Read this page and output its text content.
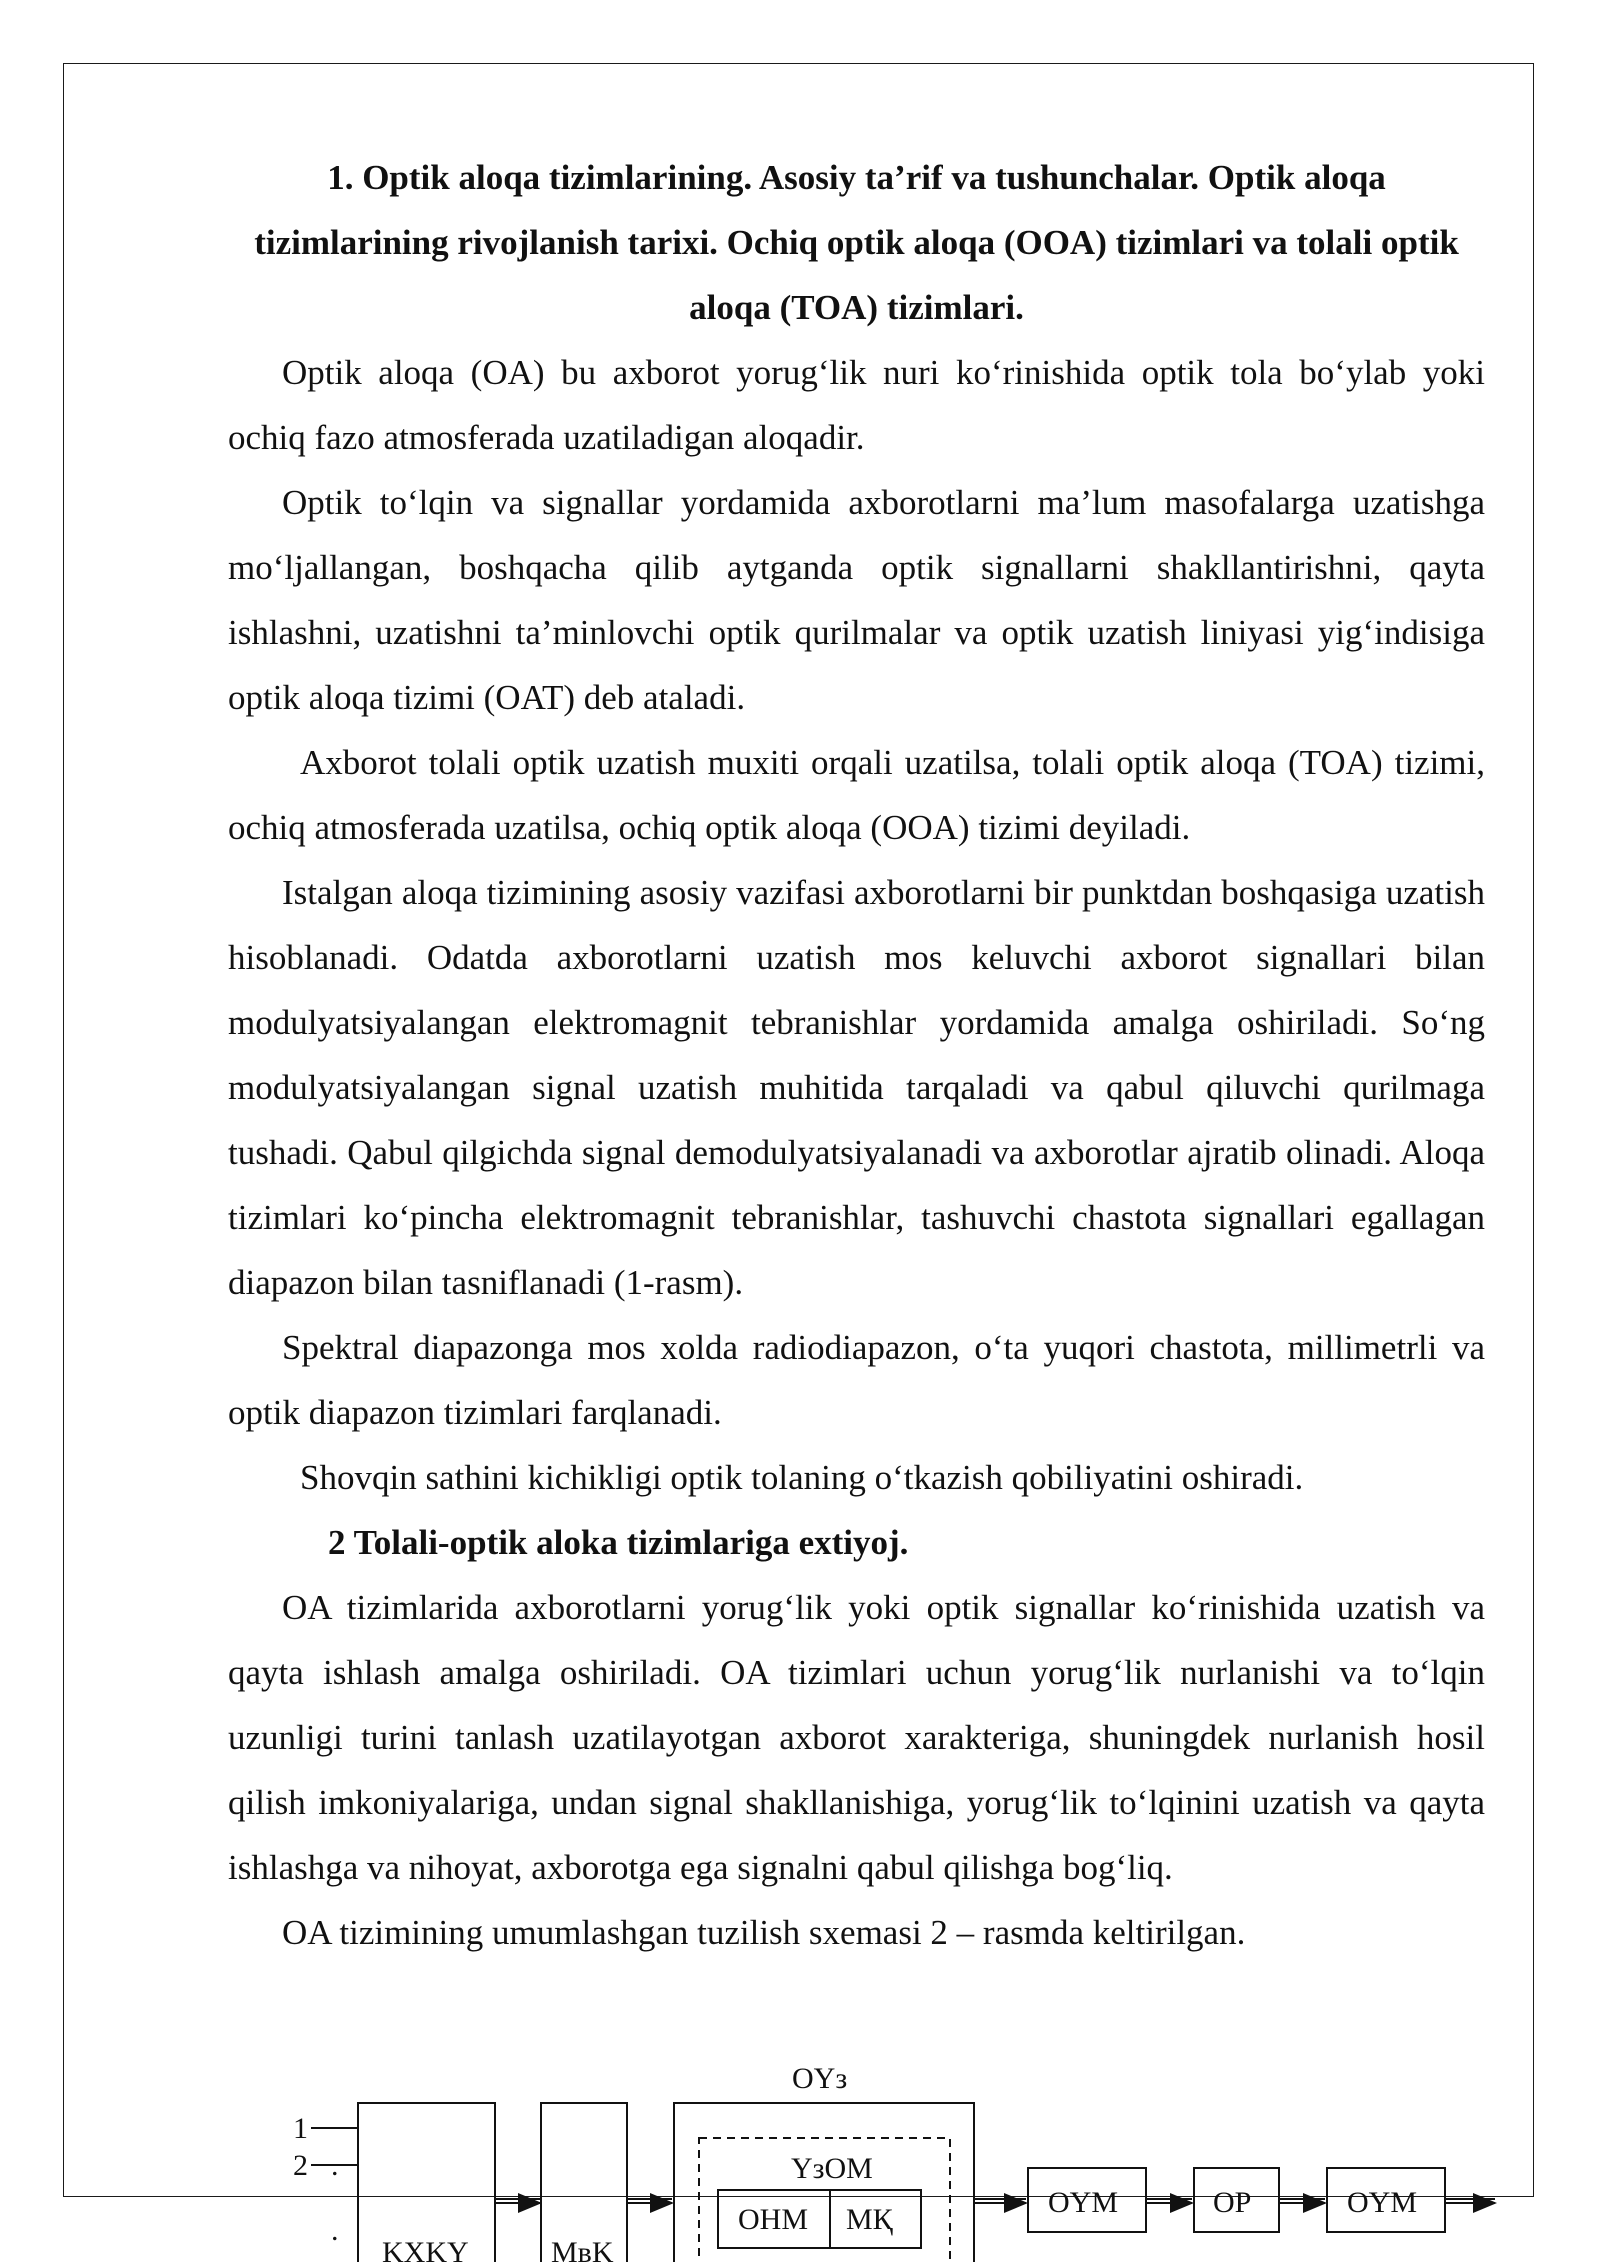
1. Optik aloqa tizimlarining. Asosiy ta’rif va tushunchalar. Optik aloqa tizimlarining rivojlanish tarixi. Ochiq optik aloqa (OOA) tizimlari va tolali optik aloqa (TOA) tizimlari.

Optik aloqa (OA) bu axborot yorug‘lik nuri ko‘rinishida optik tola bo‘ylab yoki ochiq fazo atmosferada uzatiladigan aloqadir.

Optik to‘lqin va signallar yordamida axborotlarni ma’lum masofalarga uzatishga mo‘ljallangan, boshqacha qilib aytganda optik signallarni shakllantirishni, qayta ishlashni, uzatishni ta’minlovchi optik qurilmalar va optik uzatish liniyasi yig‘indisiga optik aloqa tizimi (OAT) deb ataladi.

Axborot tolali optik uzatish muxiti orqali uzatilsa, tolali optik aloqa (TOA) tizimi, ochiq atmosferada uzatilsa, ochiq optik aloqa (OOA) tizimi deyiladi.

Istalgan aloqa tizimining asosiy vazifasi axborotlarni bir punktdan boshqasiga uzatish hisoblanadi. Odatda axborotlarni uzatish mos keluvchi axborot signallari bilan modulyatsiyalangan elektromagnit tebranishlar yordamida amalga oshiriladi. So‘ng modulyatsiyalangan signal uzatish muhitida tarqaladi va qabul qiluvchi qurilmaga tushadi. Qabul qilgichda signal demodulyatsiyalanadi va axborotlar ajratib olinadi. Aloqa tizimlari ko‘pincha elektromagnit tebranishlar, tashuvchi chastota signallari egallagan diapazon bilan tasniflanadi (1-rasm).

Spektral diapazonga mos xolda radiodiapazon, o‘ta yuqori chastota, millimetrli va optik diapazon tizimlari farqlanadi.

Shovqin sathini kichikligi optik tolaning o‘tkazish qobiliyatini oshiradi.

2 Tolali-optik aloka tizimlariga extiyoj.

OA tizimlarida axborotlarni yorug‘lik yoki optik signallar ko‘rinishida uzatish va qayta ishlash amalga oshiriladi. OA tizimlari uchun yorug‘lik nurlanishi va to‘lqin uzunligi turini tanlash uzatilayotgan axborot xarakteriga, shuningdek nurlanish hosil qilish imkoniyalariga, undan signal shakllanishiga, yorug‘lik to‘lqinini uzatish va qayta ishlashga va nihoyat, axborotga ega signalni qabul qilishga bog‘liq.

OA tizimining umumlashgan tuzilish sxemasi 2 – rasmda keltirilgan.

1
2 .
.
KXKY	MвK
OYз
YзOM
OHM MҚ
OYM	OP	OYM
